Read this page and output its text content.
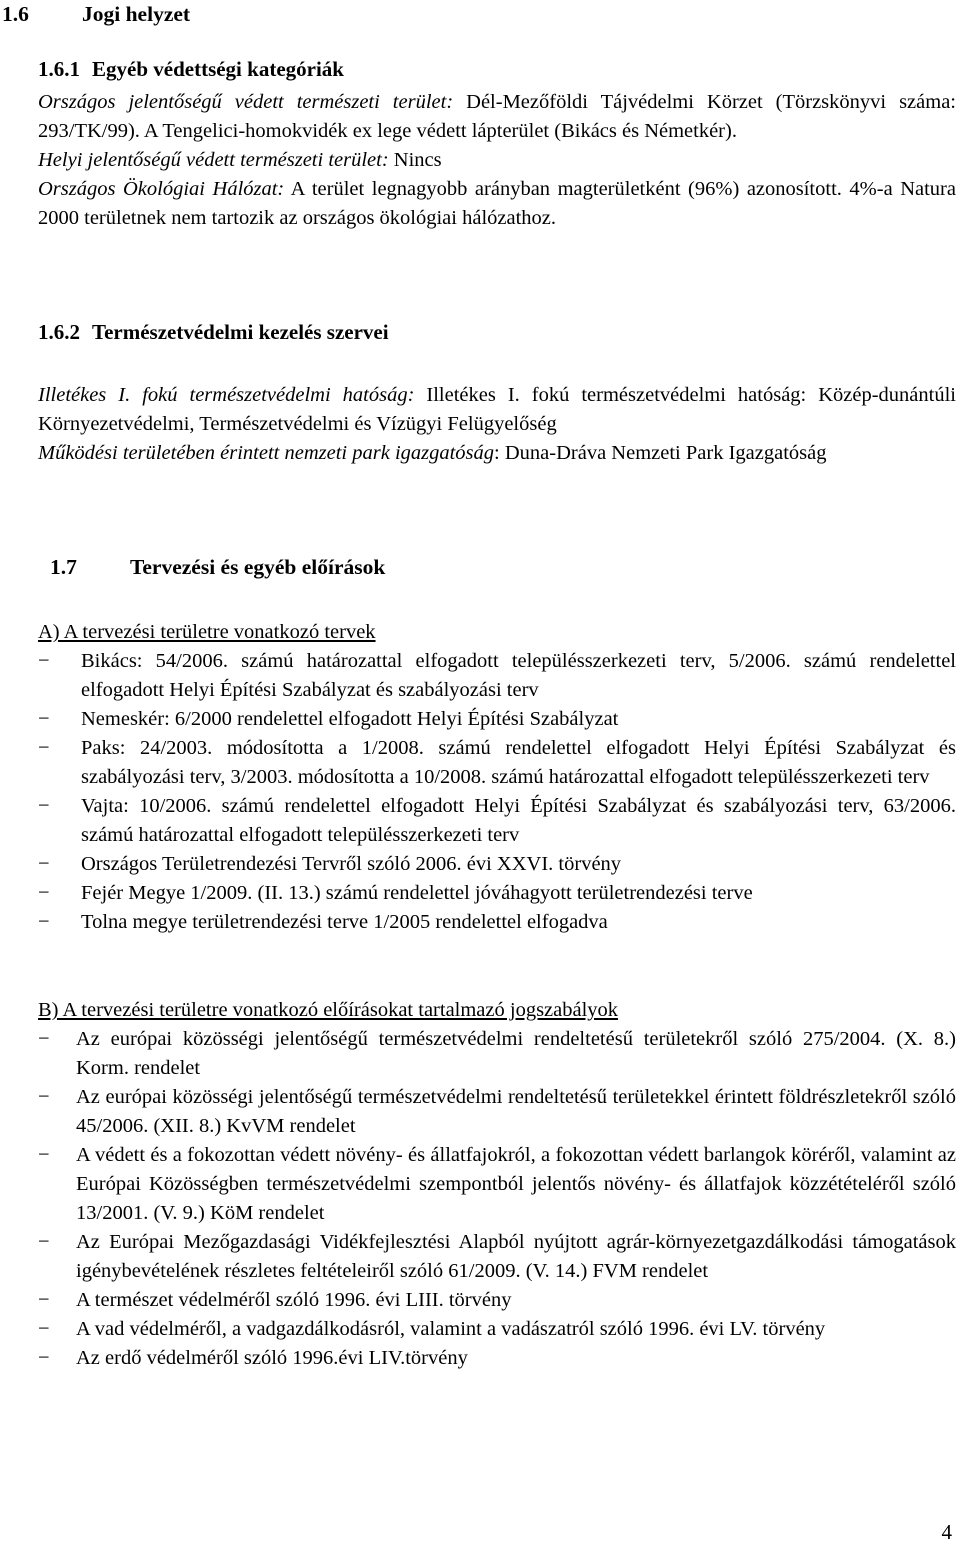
1.6 Jogi helyzet
1.6.1 Egyéb védettségi kategóriák

Országos jelentőségű védett természeti terület: Dél-Mezőföldi Tájvédelmi Körzet (Törzskönyvi száma: 293/TK/99). A Tengelici-homokvidék ex lege védett lápterület (Bikács és Németkér).

Helyi jelentőségű védett természeti terület: Nincs

Országos Ökológiai Hálózat: A terület legnagyobb arányban magterületként (96%) azonosított. 4%-a Natura 2000 területnek nem tartozik az országos ökológiai hálózathoz.

1.6.2 Természetvédelmi kezelés szervei

Illetékes I. fokú természetvédelmi hatóság: Illetékes I. fokú természetvédelmi hatóság: Közép-dunántúli Környezetvédelmi, Természetvédelmi és Vízügyi Felügyelőség

Működési területében érintett nemzeti park igazgatóság: Duna-Dráva Nemzeti Park Igazgatóság

1.7 Tervezési és egyéb előírások

A) A tervezési területre vonatkozó tervek

− Bikács: 54/2006. számú határozattal elfogadott településszerkezeti terv, 5/2006. számú rendelettel elfogadott Helyi Építési Szabályzat és szabályozási terv
− Nemeskér: 6/2000 rendelettel elfogadott Helyi Építési Szabályzat
− Paks: 24/2003. módosította a 1/2008. számú rendelettel elfogadott Helyi Építési Szabályzat és szabályozási terv, 3/2003. módosította a 10/2008. számú határozattal elfogadott településszerkezeti terv
− Vajta: 10/2006. számú rendelettel elfogadott Helyi Építési Szabályzat és szabályozási terv, 63/2006. számú határozattal elfogadott településszerkezeti terv
− Országos Területrendezési Tervről szóló 2006. évi XXVI. törvény
− Fejér Megye 1/2009. (II. 13.) számú rendelettel jóváhagyott területrendezési terve
− Tolna megye területrendezési terve 1/2005 rendelettel elfogadva

B) A tervezési területre vonatkozó előírásokat tartalmazó jogszabályok

− Az európai közösségi jelentőségű természetvédelmi rendeltetésű területekről szóló 275/2004. (X. 8.) Korm. rendelet
− Az európai közösségi jelentőségű természetvédelmi rendeltetésű területekkel érintett földrészletekről szóló 45/2006. (XII. 8.) KvVM rendelet
− A védett és a fokozottan védett növény- és állatfajokról, a fokozottan védett barlangok köréről, valamint az Európai Közösségben természetvédelmi szempontból jelentős növény- és állatfajok közzétételéről szóló 13/2001. (V. 9.) KöM rendelet
− Az Európai Mezőgazdasági Vidékfejlesztési Alapból nyújtott agrár-környezetgazdálkodási támogatások igénybevételének részletes feltételeiről szóló 61/2009. (V. 14.) FVM rendelet
− A természet védelméről szóló 1996. évi LIII. törvény
− A vad védelméről, a vadgazdálkodásról, valamint a vadászatról szóló 1996. évi LV. törvény
− Az erdő védelméről szóló 1996.évi LIV.törvény
4
